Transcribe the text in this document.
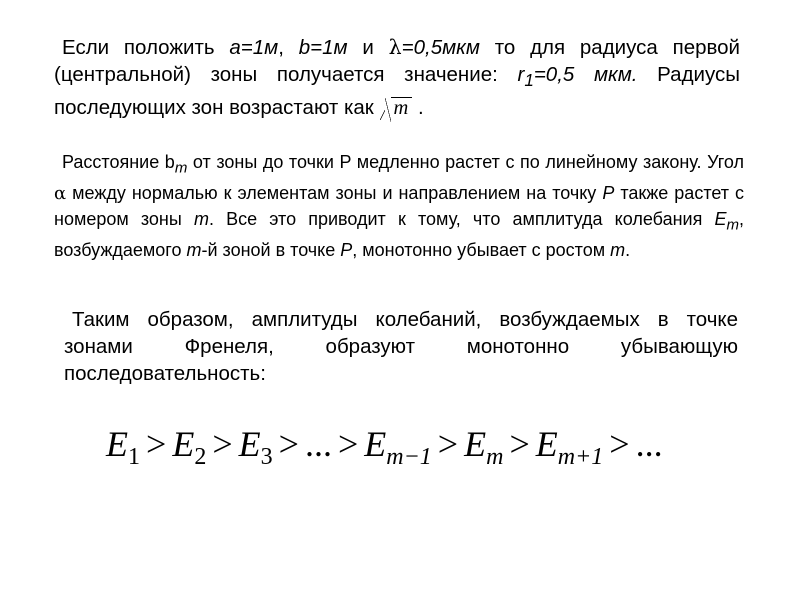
Если положить a=1м, b=1м и λ=0,5мкм то для радиуса первой (центральной) зоны получается значение: $r_1=0,5$ мкм. Радиусы последующих зон возрастают как m .

Расстояние $b_m$ от зоны до точки P медленно растет с по линейному закону. Угол α между нормалью к элементам зоны и направлением на точку P также растет с номером зоны m. Все это приводит к тому, что амплитуда колебания $E_m$, возбуждаемого m-й зоной в точке P, монотонно убывает с ростом m.

Таким образом, амплитуды колебаний, возбуждаемых в точке зонами Френеля, образуют монотонно убывающую последовательность:

$E_1 > E_2 > E_3$ > ... > $E_{m-1} > E_m > E_{m+1}$ > ...
